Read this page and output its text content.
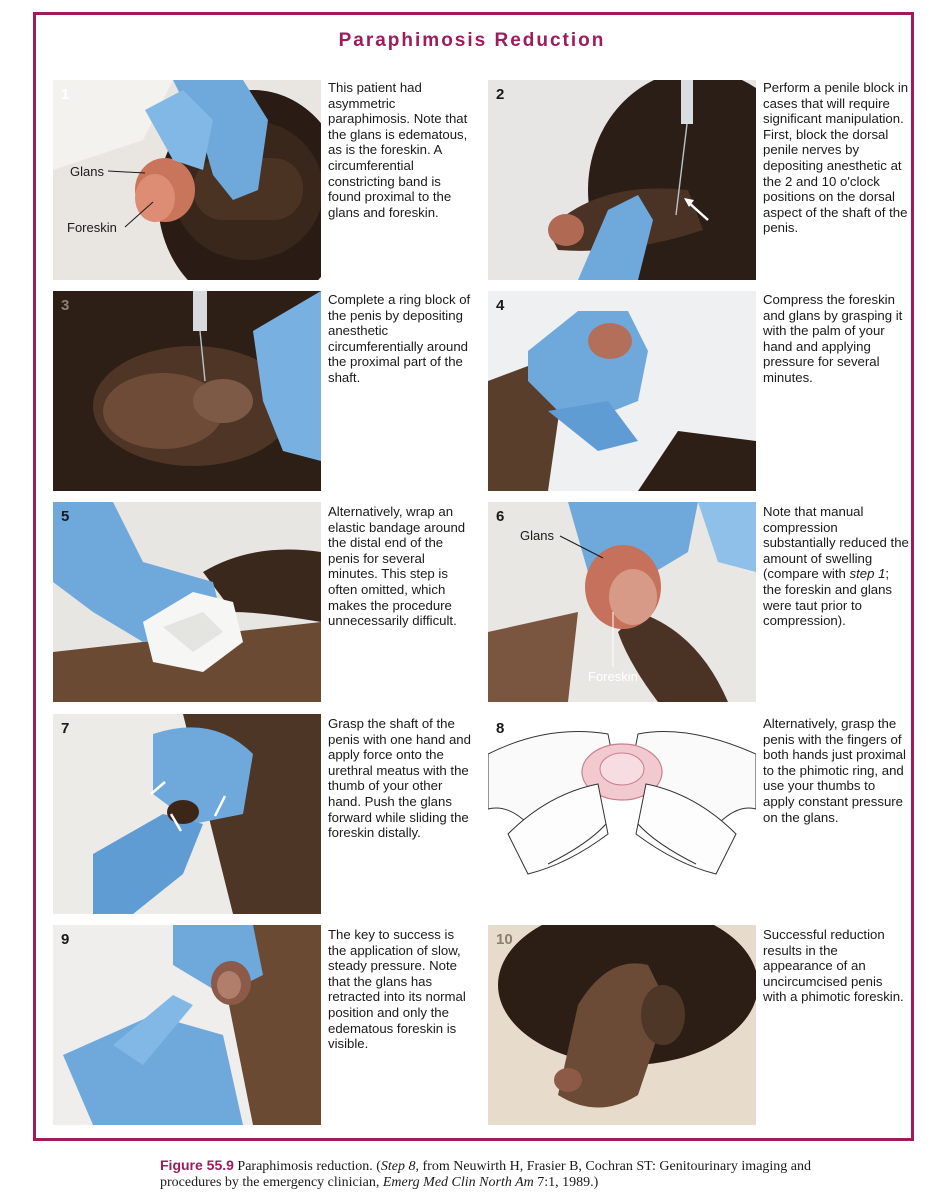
Paraphimosis Reduction
1
Glans
Foreskin
This patient had asymmetric paraphimosis. Note that the glans is edematous, as is the foreskin. A circumferential constricting band is found proximal to the glans and foreskin.
2	Perform a penile block in cases that will require significant manipulation. First, block the dorsal penile nerves by depositing anesthetic at the 2 and 10 o'clock positions on the dorsal aspect of the shaft of the penis.
3	Complete a ring block of the penis by depositing anesthetic circumferentially around the proximal part of the shaft.
4	Compress the foreskin and glans by grasping it with the palm of your hand and applying pressure for several minutes.
5	Alternatively, wrap an elastic bandage around the distal end of the penis for several minutes. This step is often omitted, which makes the procedure unnecessarily difficult.
6
Glans
Foreskin
Note that manual compression substantially reduced the amount of swelling (compare with step 1; the foreskin and glans were taut prior to compression).
7	Grasp the shaft of the penis with one hand and apply force onto the urethral meatus with the thumb of your other hand. Push the glans forward while sliding the foreskin distally.
8	Alternatively, grasp the penis with the fingers of both hands just proximal to the phimotic ring, and use your thumbs to apply constant pressure on the glans.
9	The key to success is the application of slow, steady pressure. Note that the glans has retracted into its normal position and only the edematous foreskin is visible.
10	Successful reduction results in the appearance of an uncircumcised penis with a phimotic foreskin.
Figure 55.9 Paraphimosis reduction. (Step 8, from Neuwirth H, Frasier B, Cochran ST: Genitourinary imaging and procedures by the emergency clinician, Emerg Med Clin North Am 7:1, 1989.)
